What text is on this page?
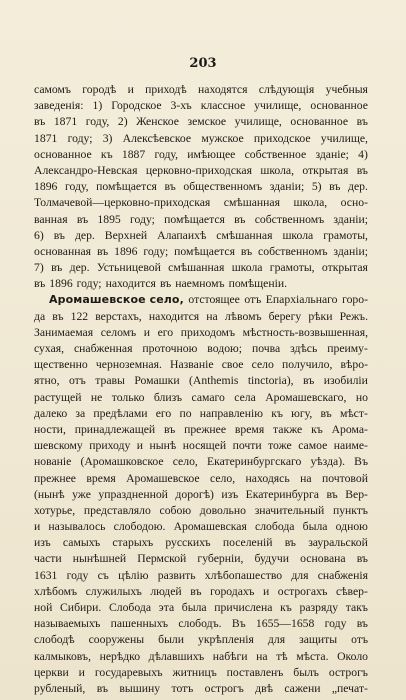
203
самомъ городѣ и приходѣ находятся слѣдующія учебныя
заведенія: 1) Городское 3-хъ классное училище, основанное
въ 1871 году, 2) Женское земское училище, основанное въ
1871 году; 3) Алексѣевское мужское приходское училище,
основанное къ 1887 году, имѣющее собственное зданіе; 4)
Александро-Невская церковно-приходская школа, открытая въ
1896 году, помѣщается въ общественномъ зданіи; 5) въ дер.
Толмачевой—церковно-приходская смѣшанная школа, осно-
ванная въ 1895 году; помѣщается въ собственномъ зданіи;
6) въ дер. Верхней Алапаихѣ смѣшанная школа грамоты,
основанная въ 1896 году; помѣщается въ собственномъ зданіи;
7) въ дер. Устьницевой смѣшанная школа грамоты, открытая
въ 1896 году; находится въ наемномъ помѣщеніи.
Аромашевское село, отстоящее отъ Епархіальнаго горо-
да въ 122 верстахъ, находится на лѣвомъ берегу рѣки Режъ.
Занимаемая селомъ и его приходомъ мѣстность-возвышенная,
сухая, снабженная проточною водою; почва здѣсь преиму-
щественно черноземная. Названіе свое село получило, вѣро-
ятно, отъ травы Ромашки (Anthemis tinctoria), въ изобиліи
растущей не только близъ самаго села Аромашевскаго, но
далеко за предѣлами его по направленію къ югу, въ мѣст-
ности, принадлежащей въ прежнее время также къ Арома-
шевскому приходу и нынѣ носящей почти тоже самое наиме-
нованіе (Аромашковское село, Екатеринбургскаго уѣзда). Въ
прежнее время Аромашевское село, находясь на почтовой
(нынѣ уже упраздненной дорогѣ) изъ Екатеринбурга въ Вер-
хотурье, представляло собою довольно значительный пунктъ
и называлось слободою. Аромашевская слобода была одною
изъ самыхъ старыхъ русскихъ поселеній въ зауральской
части нынѣшней Пермской губерніи, будучи основана въ
1631 году съ цѣлію развить хлѣбопашество для снабженія
хлѣбомъ служилыхъ людей въ городахъ и острогахъ сѣвер-
ной Сибири. Слобода эта была причислена къ разряду такъ
называемыхъ пашенныхъ слободъ. Въ 1655—1658 году въ
слободѣ сооружены были укрѣпленія для защиты отъ
калмыковъ, нерѣдко дѣлавшихъ набѣги на тѣ мѣста. Около
церкви и государевыхъ житницъ поставленъ былъ острогъ
рубленый, въ вышину тотъ острогъ двѣ сажени „печат-
